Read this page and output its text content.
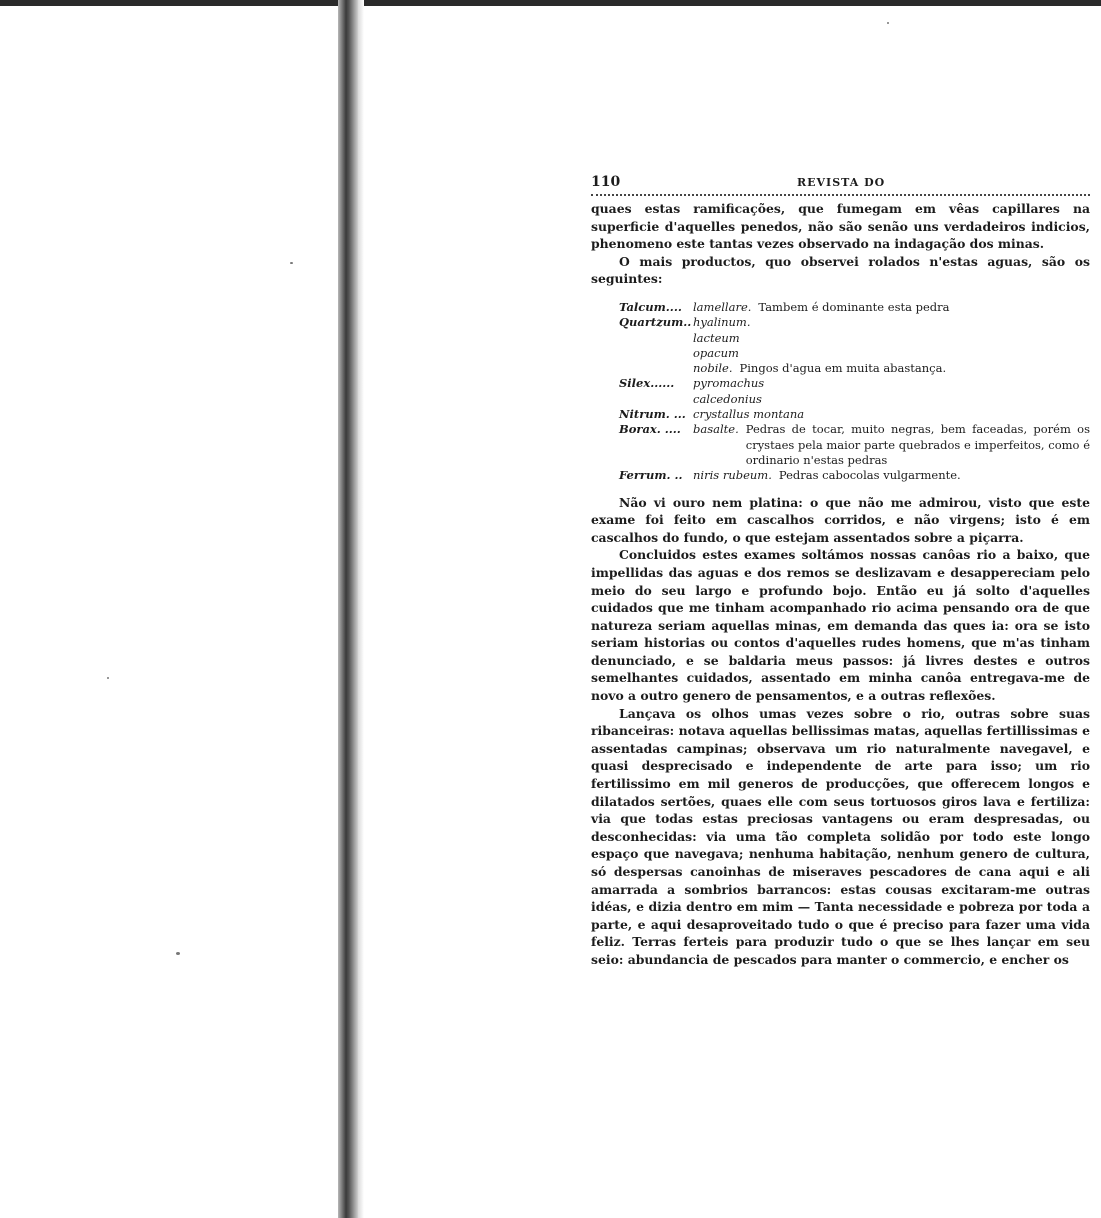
110	REVISTA DO

quaes estas ramificações, que fumegam em vêas capillares na superficie d'aquelles penedos, não são senão uns verdadeiros indicios, phenomeno este tantas vezes observado na indagação dos minas.

O mais productos, quo observei rolados n'estas aguas, são os seguintes:

Talcum.... lamellare. Tambem é dominante esta pedra
Quartzum.. hyalinum.
lacteum
opacum
nobile. Pingos d'agua em muita abastança.
Silex......	pyromachus
calcedonius
Nitrum. ... crystallus montana
Borax. ....	basalte. Pedras de tocar, muito negras, bem faceadas, porém os crystaes pela maior parte quebrados e imperfeitos, como é ordinario n'estas pedras
Ferrum. .. niris rubeum. Pedras cabocolas vulgarmente.

Não vi ouro nem platina: o que não me admirou, visto que este exame foi feito em cascalhos corridos, e não virgens; isto é em cascalhos do fundo, o que estejam assentados sobre a piçarra.

Concluidos estes exames soltámos nossas canôas rio a baixo, que impellidas das aguas e dos remos se deslizavam e desappereciam pelo meio do seu largo e profundo bojo. Então eu já solto d'aquelles cuidados que me tinham acompanhado rio acima pensando ora de que natureza seriam aquellas minas, em demanda das ques ia: ora se isto seriam historias ou contos d'aquelles rudes homens, que m'as tinham denunciado, e se baldaria meus passos: já livres destes e outros semelhantes cuidados, assentado em minha canôa entregava-me de novo a outro genero de pensamentos, e a outras reflexões.

Lançava os olhos umas vezes sobre o rio, outras sobre suas ribanceiras: notava aquellas bellissimas matas, aquellas fertillissimas e assentadas campinas; observava um rio naturalmente navegavel, e quasi desprecisado e independente de arte para isso; um rio fertilissimo em mil generos de producções, que offerecem longos e dilatados sertões, quaes elle com seus tortuosos giros lava e fertiliza: via que todas estas preciosas vantagens ou eram despresadas, ou desconhecidas: via uma tão completa solidão por todo este longo espaço que navegava; nenhuma habitação, nenhum genero de cultura, só despersas canoinhas de miseraves pescadores de cana aqui e ali amarrada a sombrios barrancos: estas cousas excitaram-me outras idéas, e dizia dentro em mim — Tanta necessidade e pobreza por toda a parte, e aqui desaproveitado tudo o que é preciso para fazer uma vida feliz. Terras ferteis para produzir tudo o que se lhes lançar em seu seio: abundancia de pescados para manter o commercio, e encher os
